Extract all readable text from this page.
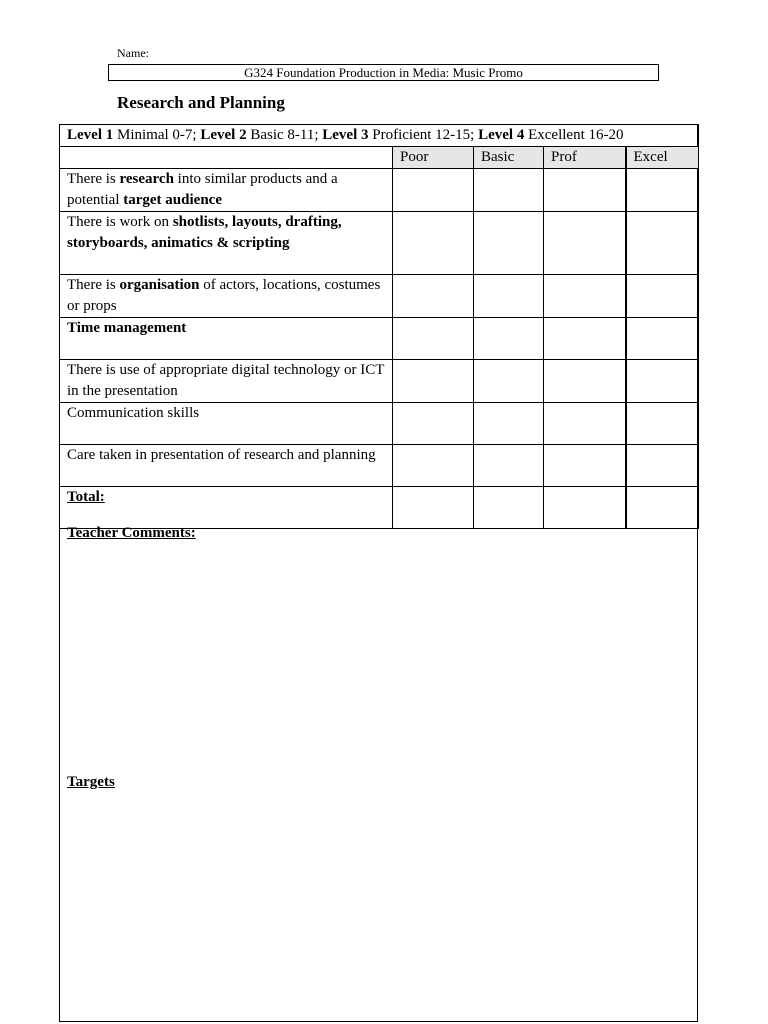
Name:
G324 Foundation Production in Media: Music Promo
Research and Planning
Level 1 Minimal 0-7; Level 2 Basic 8-11; Level 3 Proficient 12-15; Level 4 Excellent 16-20				
	Poor	Basic	Prof	Excel
There is research into similar products and a potential target audience				
There is work on shotlists, layouts, drafting, storyboards, animatics & scripting				
There is organisation of actors, locations, costumes or props				
Time management				
There is use of appropriate digital technology or ICT in the presentation				
Communication skills				
Care taken in presentation of research and planning				
Total:				
Teacher Comments:
Targets
